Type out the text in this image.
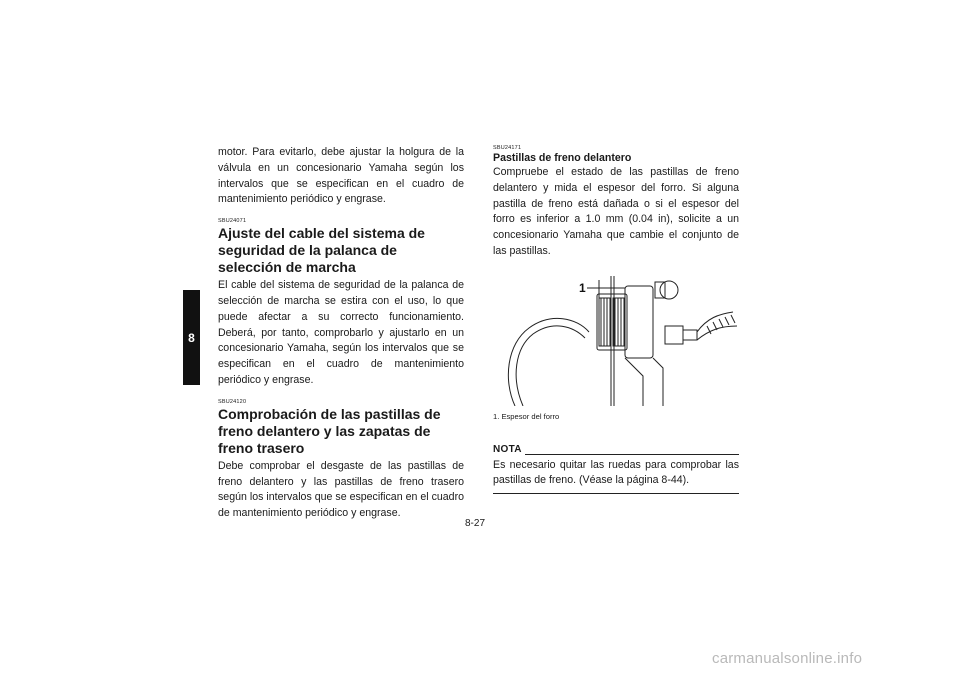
8

motor. Para evitarlo, debe ajustar la holgura de la válvula en un concesionario Yamaha según los intervalos que se especifican en el cuadro de mantenimiento periódico y engrase.

SBU24071

Ajuste del cable del sistema de seguridad de la palanca de selección de marcha

El cable del sistema de seguridad de la palanca de selección de marcha se estira con el uso, lo que puede afectar a su correcto funcionamiento. Deberá, por tanto, comprobarlo y ajustarlo en un concesionario Yamaha, según los intervalos que se especifican en el cuadro de mantenimiento periódico y engrase.

SBU24120

Comprobación de las pastillas de freno delantero y las zapatas de freno trasero

Debe comprobar el desgaste de las pastillas de freno delantero y las pastillas de freno trasero según los intervalos que se especifican en el cuadro de mantenimiento periódico y engrase.

SBU24171

Pastillas de freno delantero

Compruebe el estado de las pastillas de freno delantero y mida el espesor del forro. Si alguna pastilla de freno está dañada o si el espesor del forro es inferior a 1.0 mm (0.04 in), solicite a un concesionario Yamaha que cambie el conjunto de las pastillas.

1
1. Espesor del forro
NOTA

Es necesario quitar las ruedas para comprobar las pastillas de freno. (Véase la página 8-44).

8-27
carmanualsonline.info
